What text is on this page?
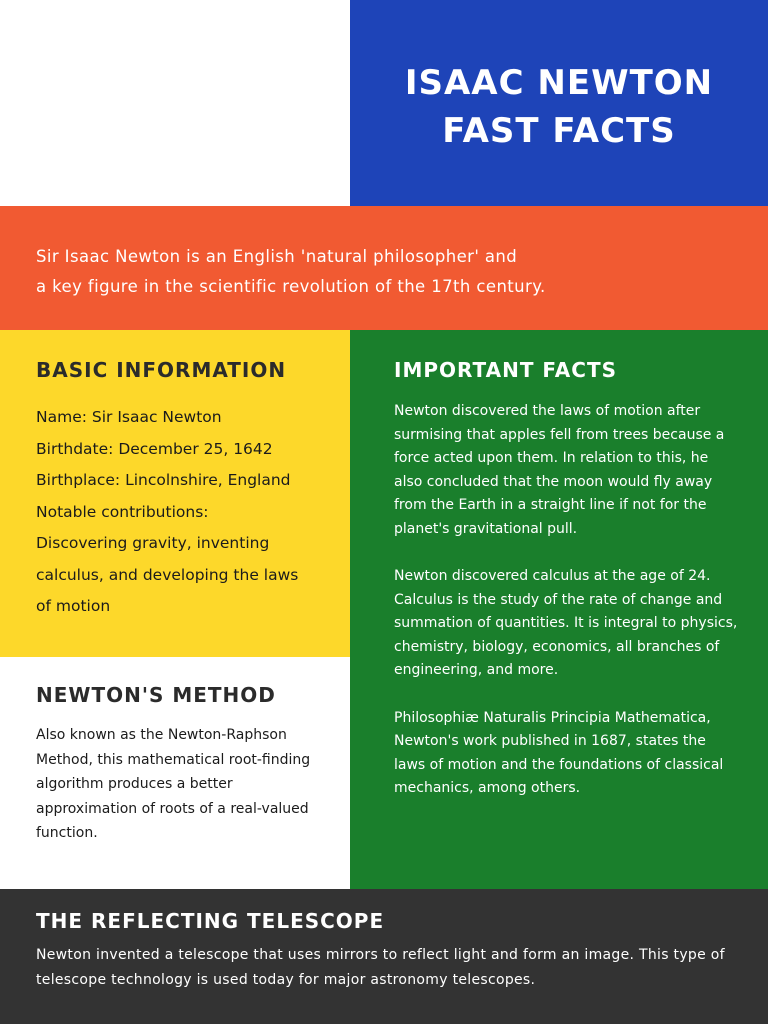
ISAAC NEWTON
FAST FACTS

Sir Isaac Newton is an English 'natural philosopher' and

a key figure in the scientific revolution of the 17th century.

BASIC INFORMATION
Name: Sir Isaac Newton
Birthdate: December 25, 1642
Birthplace: Lincolnshire, England
Notable contributions:
Discovering gravity, inventing
calculus, and developing the laws
of motion
NEWTON'S METHOD

Also known as the Newton-Raphson Method, this mathematical root-finding algorithm produces a better approximation of roots of a real-valued function.

IMPORTANT FACTS

Newton discovered the laws of motion after surmising that apples fell from trees because a force acted upon them. In relation to this, he also concluded that the moon would fly away from the Earth in a straight line if not for the planet's gravitational pull.

Newton discovered calculus at the age of 24. Calculus is the study of the rate of change and summation of quantities. It is integral to physics, chemistry, biology, economics, all branches of engineering, and more.

Philosophiæ Naturalis Principia Mathematica, Newton's work published in 1687, states the laws of motion and the foundations of classical mechanics, among others.

THE REFLECTING TELESCOPE

Newton invented a telescope that uses mirrors to reflect light and form an image. This type of telescope technology is used today for major astronomy telescopes.
